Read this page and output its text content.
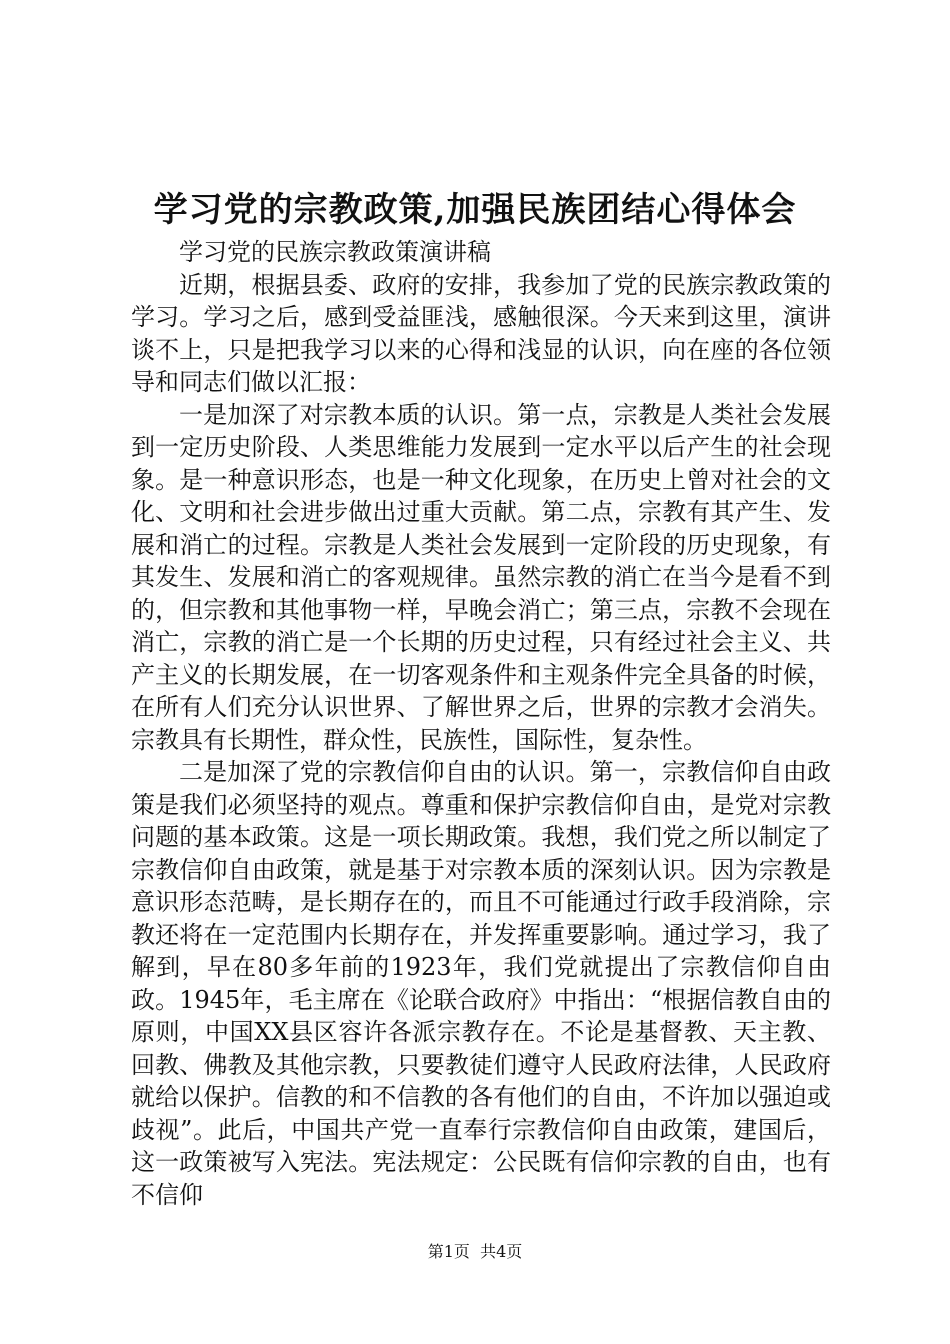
学习党的宗教政策,加强民族团结心得体会

学习党的民族宗教政策演讲稿

近期，根据县委、政府的安排，我参加了党的民族宗教政策的学习。学习之后，感到受益匪浅，感触很深。今天来到这里，演讲谈不上，只是把我学习以来的心得和浅显的认识，向在座的各位领导和同志们做以汇报：

一是加深了对宗教本质的认识。第一点，宗教是人类社会发展到一定历史阶段、人类思维能力发展到一定水平以后产生的社会现象。是一种意识形态，也是一种文化现象，在历史上曾对社会的文化、文明和社会进步做出过重大贡献。第二点，宗教有其产生、发展和消亡的过程。宗教是人类社会发展到一定阶段的历史现象，有其发生、发展和消亡的客观规律。虽然宗教的消亡在当今是看不到的，但宗教和其他事物一样，早晚会消亡；第三点，宗教不会现在消亡，宗教的消亡是一个长期的历史过程，只有经过社会主义、共产主义的长期发展，在一切客观条件和主观条件完全具备的时候，在所有人们充分认识世界、了解世界之后，世界的宗教才会消失。宗教具有长期性，群众性，民族性，国际性，复杂性。

二是加深了党的宗教信仰自由的认识。第一，宗教信仰自由政策是我们必须坚持的观点。尊重和保护宗教信仰自由，是党对宗教问题的基本政策。这是一项长期政策。我想，我们党之所以制定了宗教信仰自由政策，就是基于对宗教本质的深刻认识。因为宗教是意识形态范畴，是长期存在的，而且不可能通过行政手段消除，宗教还将在一定范围内长期存在，并发挥重要影响。通过学习，我了解到，早在80多年前的1923年，我们党就提出了宗教信仰自由政。1945年，毛主席在《论联合政府》中指出：“根据信教自由的原则，中国XX县区容许各派宗教存在。不论是基督教、天主教、回教、佛教及其他宗教，只要教徒们遵守人民政府法律，人民政府就给以保护。信教的和不信教的各有他们的自由，不许加以强迫或歧视”。此后，中国共产党一直奉行宗教信仰自由政策，建国后，这一政策被写入宪法。宪法规定：公民既有信仰宗教的自由，也有不信仰

第1页  共4页
